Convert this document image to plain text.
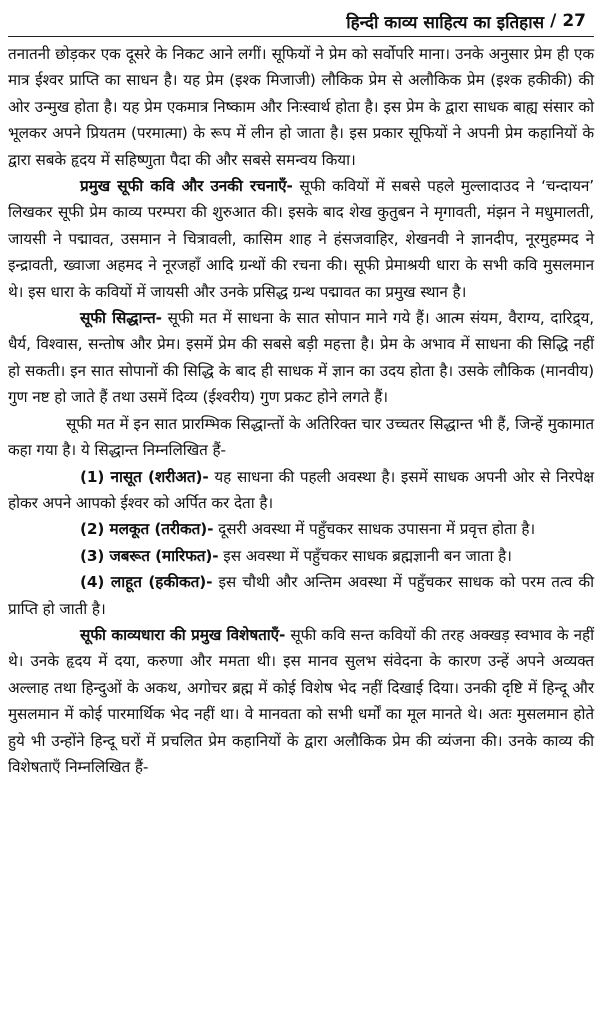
हिन्दी काव्य साहित्य का इतिहास / 27

तनातनी छोड़कर एक दूसरे के निकट आने लगीं। सूफियों ने प्रेम को सर्वोपरि माना। उनके अनुसार प्रेम ही एक मात्र ईश्वर प्राप्ति का साधन है। यह प्रेम (इश्क मिजाजी) लौकिक प्रेम से अलौकिक प्रेम (इश्क हकीकी) की ओर उन्मुख होता है। यह प्रेम एकमात्र निष्काम और निःस्वार्थ होता है। इस प्रेम के द्वारा साधक बाह्य संसार को भूलकर अपने प्रियतम (परमात्मा) के रूप में लीन हो जाता है। इस प्रकार सूफियों ने अपनी प्रेम कहानियों के द्वारा सबके हृदय में सहिष्णुता पैदा की और सबसे समन्वय किया।

प्रमुख सूफी कवि और उनकी रचनाएँ- सूफी कवियों में सबसे पहले मुल्लादाउद ने ‘चन्दायन’ लिखकर सूफी प्रेम काव्य परम्परा की शुरुआत की। इसके बाद शेख कुतुबन ने मृगावती, मंझन ने मधुमालती, जायसी ने पद्मावत, उसमान ने चित्रावली, कासिम शाह ने हंसजवाहिर, शेखनवी ने ज्ञानदीप, नूरमुहम्मद ने इन्द्रावती, ख्वाजा अहमद ने नूरजहाँ आदि ग्रन्थों की रचना की। सूफी प्रेमाश्रयी धारा के सभी कवि मुसलमान थे। इस धारा के कवियों में जायसी और उनके प्रसिद्ध ग्रन्थ पद्मावत का प्रमुख स्थान है।

सूफी सिद्धान्त- सूफी मत में साधना के सात सोपान माने गये हैं। आत्म संयम, वैराग्य, दारिद्र्य, धैर्य, विश्वास, सन्तोष और प्रेम। इसमें प्रेम की सबसे बड़ी महत्ता है। प्रेम के अभाव में साधना की सिद्धि नहीं हो सकती। इन सात सोपानों की सिद्धि के बाद ही साधक में ज्ञान का उदय होता है। उसके लौकिक (मानवीय) गुण नष्ट हो जाते हैं तथा उसमें दिव्य (ईश्वरीय) गुण प्रकट होने लगते हैं।

सूफी मत में इन सात प्रारम्भिक सिद्धान्तों के अतिरिक्त चार उच्चतर सिद्धान्त भी हैं, जिन्हें मुकामात कहा गया है। ये सिद्धान्त निम्नलिखित हैं-

(1) नासूत (शरीअत)- यह साधना की पहली अवस्था है। इसमें साधक अपनी ओर से निरपेक्ष होकर अपने आपको ईश्वर को अर्पित कर देता है।

(2) मलकूत (तरीकत)- दूसरी अवस्था में पहुँचकर साधक उपासना में प्रवृत्त होता है।

(3) जबरूत (मारिफत)- इस अवस्था में पहुँचकर साधक ब्रह्मज्ञानी बन जाता है।

(4) लाहूत (हकीकत)- इस चौथी और अन्तिम अवस्था में पहुँचकर साधक को परम तत्व की प्राप्ति हो जाती है।

सूफी काव्यधारा की प्रमुख विशेषताएँ- सूफी कवि सन्त कवियों की तरह अक्खड़ स्वभाव के नहीं थे। उनके हृदय में दया, करुणा और ममता थी। इस मानव सुलभ संवेदना के कारण उन्हें अपने अव्यक्त अल्लाह तथा हिन्दुओं के अकथ, अगोचर ब्रह्म में कोई विशेष भेद नहीं दिखाई दिया। उनकी दृष्टि में हिन्दू और मुसलमान में कोई पारमार्थिक भेद नहीं था। वे मानवता को सभी धर्मों का मूल मानते थे। अतः मुसलमान होते हुये भी उन्होंने हिन्दू घरों में प्रचलित प्रेम कहानियों के द्वारा अलौकिक प्रेम की व्यंजना की। उनके काव्य की विशेषताएँ निम्नलिखित हैं-
